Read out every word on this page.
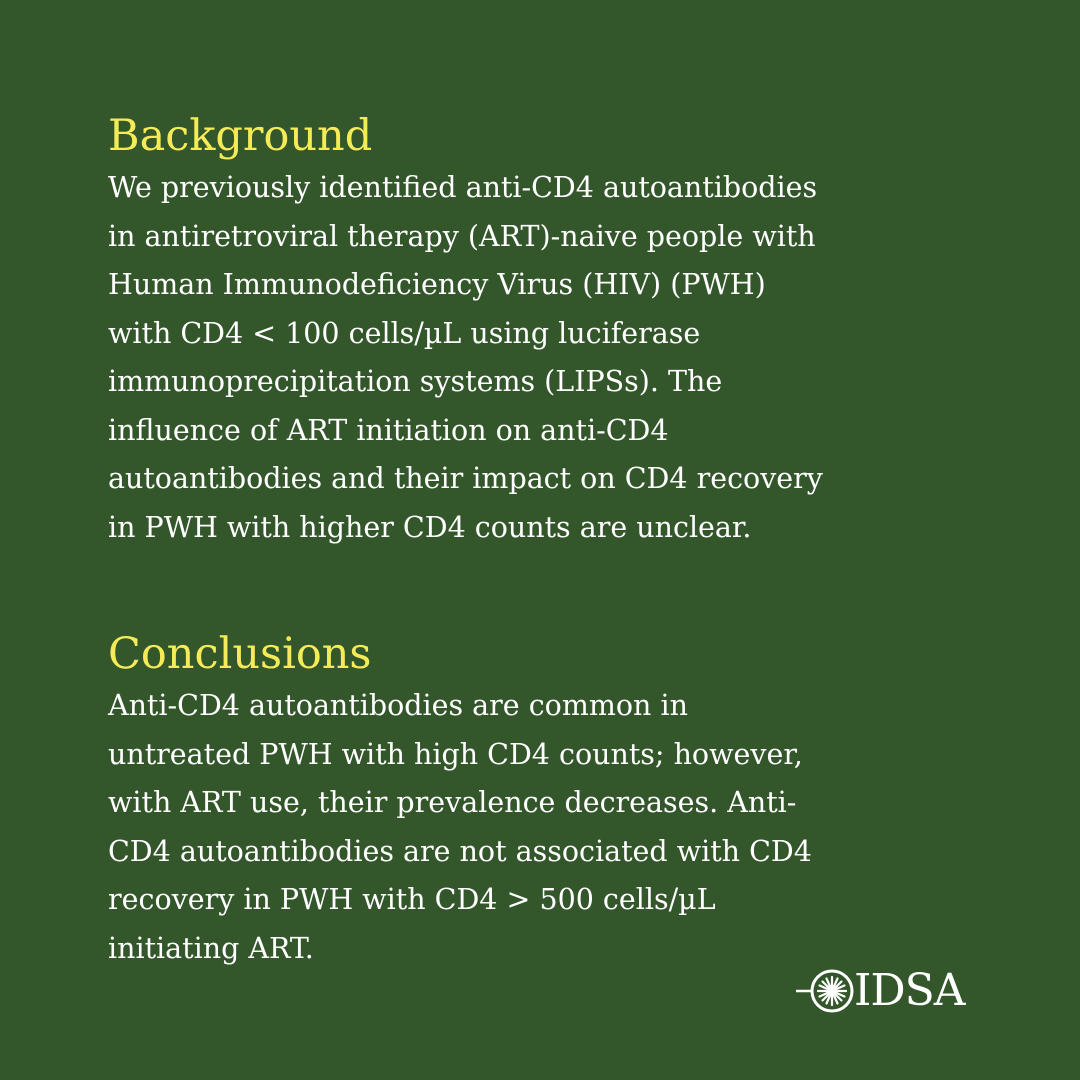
Background

We previously identified anti-CD4 autoantibodies
in antiretroviral therapy (ART)-naive people with
Human Immunodeficiency Virus (HIV) (PWH)
with CD4 < 100 cells/µL using luciferase
immunoprecipitation systems (LIPSs). The
influence of ART initiation on anti-CD4
autoantibodies and their impact on CD4 recovery
in PWH with higher CD4 counts are unclear.

Conclusions

Anti-CD4 autoantibodies are common in
untreated PWH with high CD4 counts; however,
with ART use, their prevalence decreases. Anti-
CD4 autoantibodies are not associated with CD4
recovery in PWH with CD4 > 500 cells/µL
initiating ART.

IDSA
